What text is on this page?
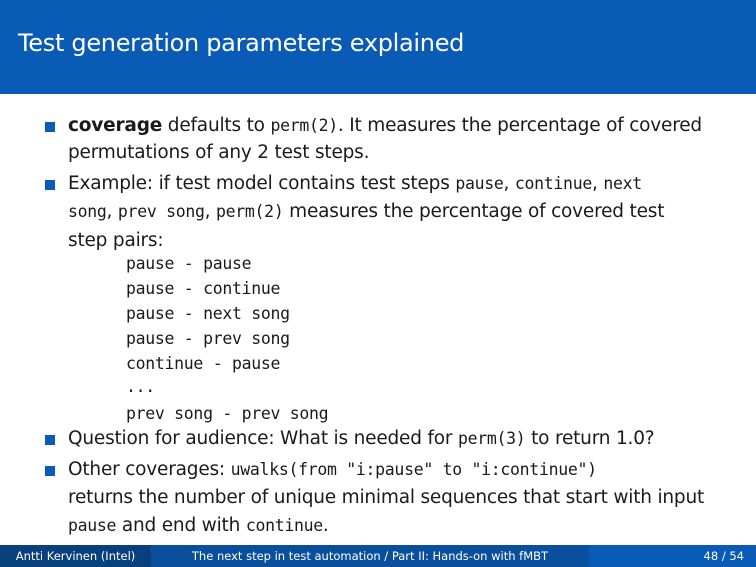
Test generation parameters explained
coverage defaults to perm(2). It measures the percentage of covered
permutations of any 2 test steps.
Example: if test model contains test steps pause, continue, next
song, prev song, perm(2) measures the percentage of covered test
step pairs:
pause - pause
pause - continue
pause - next song
pause - prev song
continue - pause
...
prev song - prev song
Question for audience: What is needed for perm(3) to return 1.0?
Other coverages: uwalks(from "i:pause" to "i:continue")
returns the number of unique minimal sequences that start with input
pause and end with continue.
Antti Kervinen (Intel)	The next step in test automation / Part II: Hands-on with fMBT	48 / 54
